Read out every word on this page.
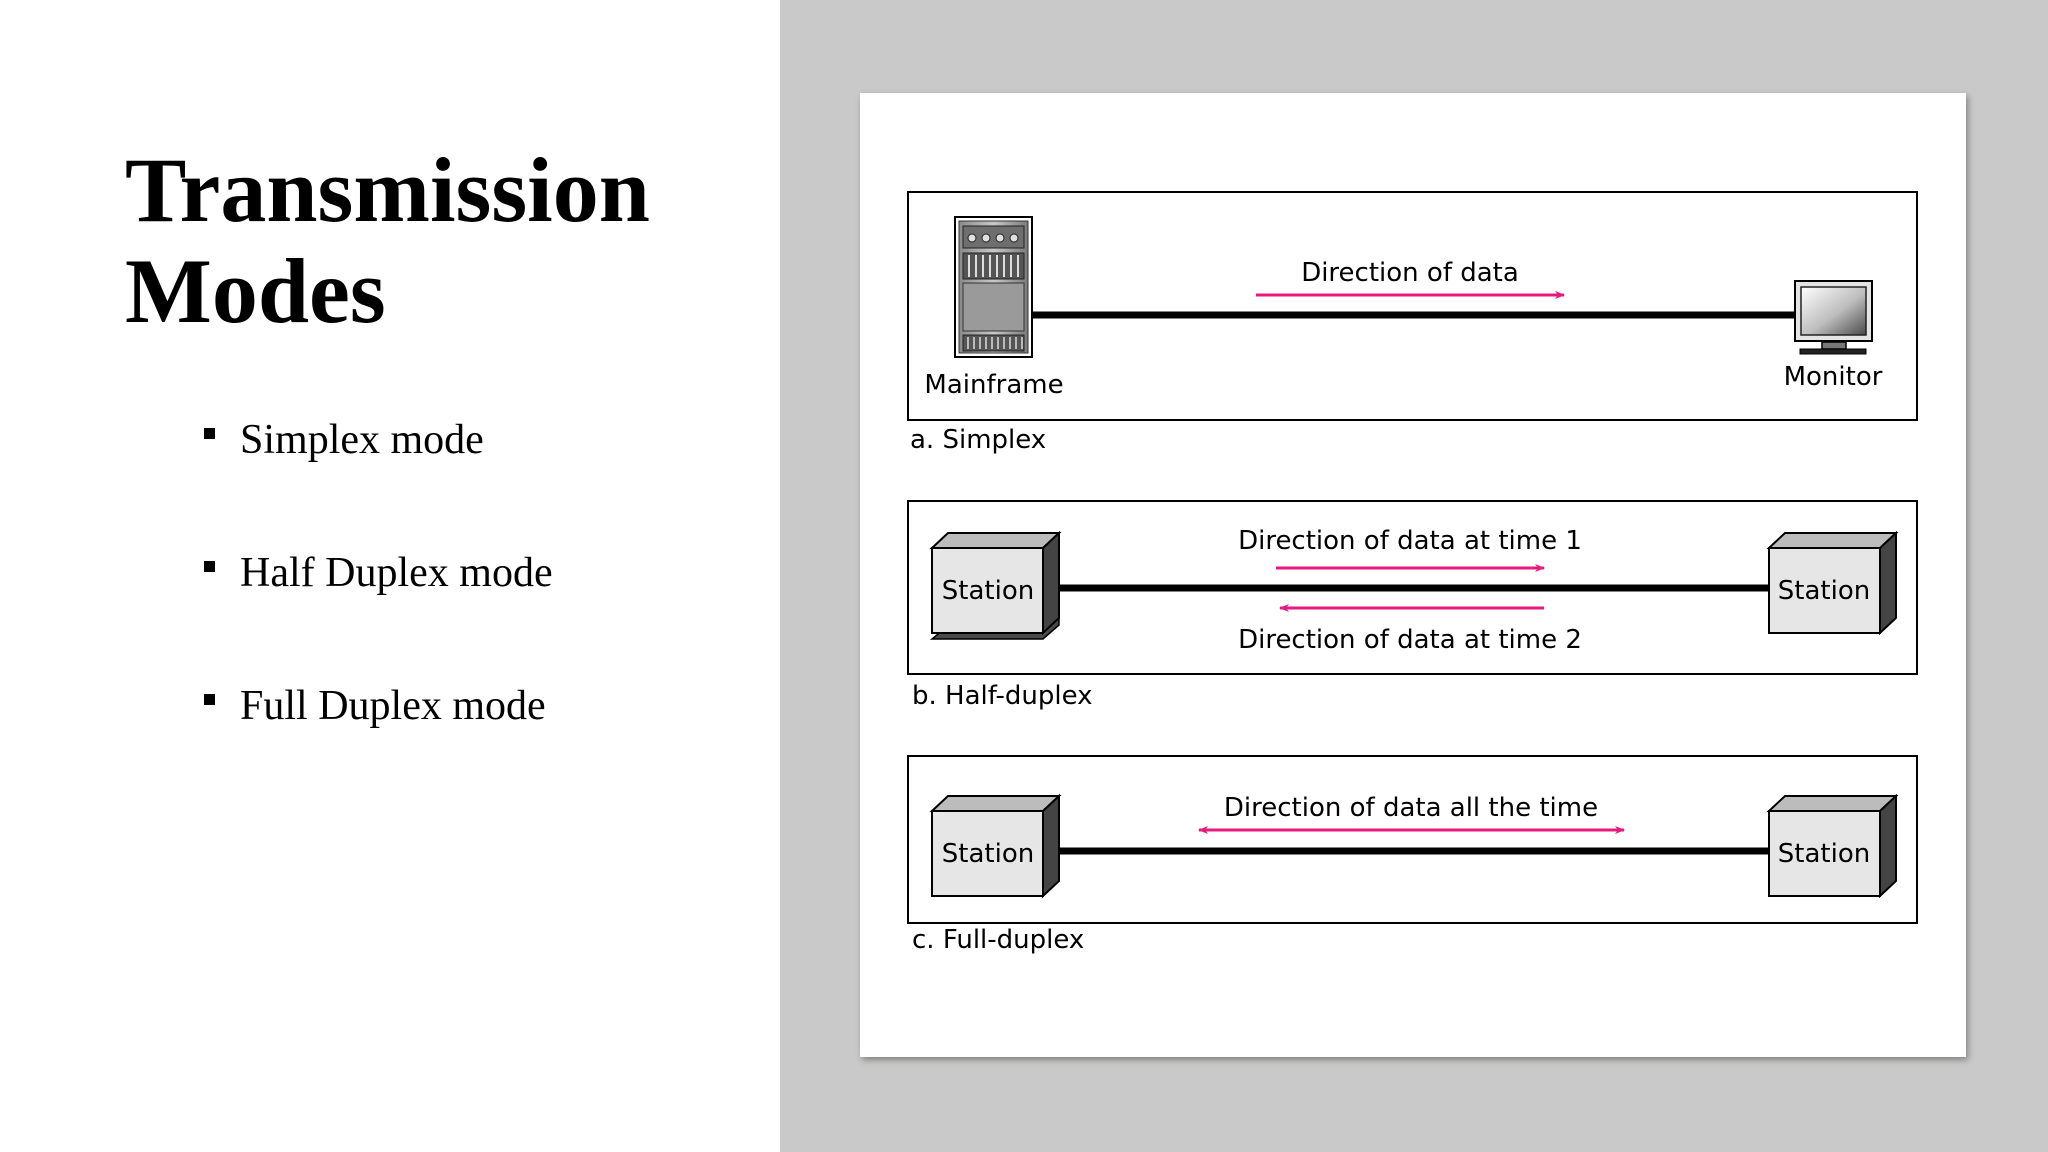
Transmission
Modes
Simplex mode
Half Duplex mode
Full Duplex mode
Direction of data
Mainframe	Monitor
a. Simplex
Station	Station
Direction of data at time 1
Direction of data at time 2
b. Half-duplex
Station	Station
Direction of data all the time
c. Full-duplex
